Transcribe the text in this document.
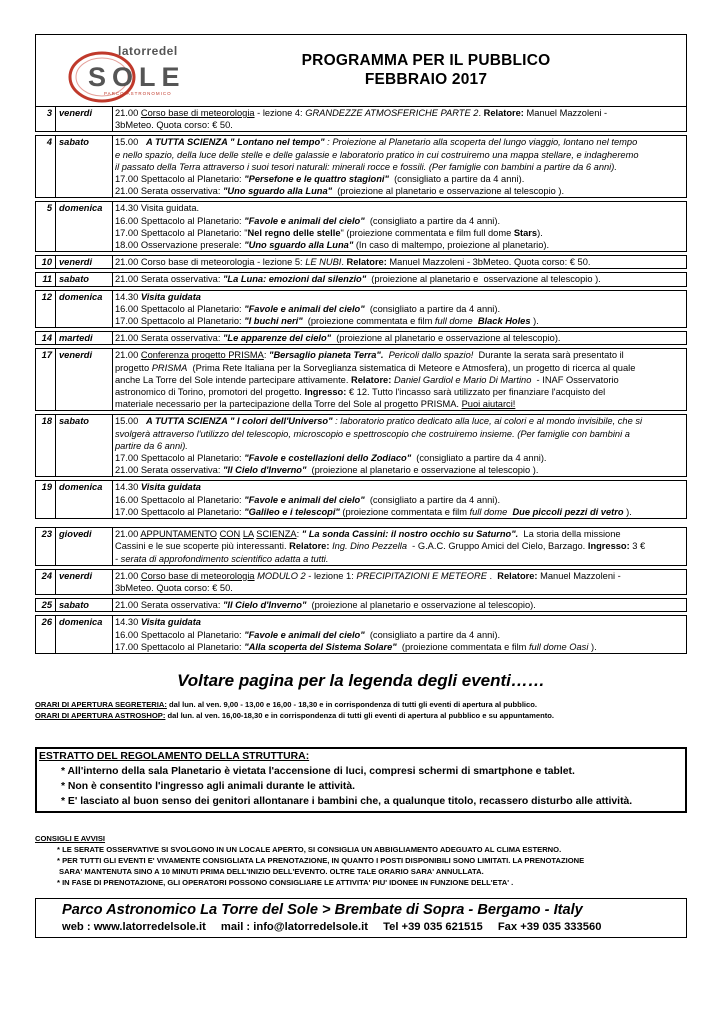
latorredel
SOLE
PARCO ASTRONOMICO
PROGRAMMA PER IL PUBBLICO
FEBBRAIO 2017
3	venerdi	21.00 Corso base di meteorologia - lezione 4: GRANDEZZE ATMOSFERICHE PARTE 2. Relatore: Manuel Mazzoleni -
3bMeteo. Quota corso: € 50.

4	sabato	15.00   A TUTTA SCIENZA " Lontano nel tempo" : Proiezione al Planetario alla scoperta del lungo viaggio, lontano nel tempo
e nello spazio, della luce delle stelle e delle galassie e laboratorio pratico in cui costruiremo una mappa stellare, e indagheremo
il passato della Terra attraverso i suoi tesori naturali: minerali rocce e fossili. (Per famiglie con bambini a partire da 6 anni).
17.00 Spettacolo al Planetario: "Persefone e le quattro stagioni"  (consigliato a partire da 4 anni).
21.00 Serata osservativa: "Uno sguardo alla Luna"  (proiezione al planetario e osservazione al telescopio ).

5	domenica	14.30 Visita guidata.
16.00 Spettacolo al Planetario: "Favole e animali del cielo"  (consigliato a partire da 4 anni).
17.00 Spettacolo al Planetario: "Nel regno delle stelle" (proiezione commentata e film full dome Stars).
18.00 Osservazione preserale: "Uno sguardo alla Luna" (In caso di maltempo, proiezione al planetario).

10	venerdi	21.00 Corso base di meteorologia - lezione 5: LE NUBI. Relatore: Manuel Mazzoleni - 3bMeteo. Quota corso: € 50.

11	sabato	21.00 Serata osservativa: "La Luna: emozioni dal silenzio"  (proiezione al planetario e  osservazione al telescopio ).

12	domenica	14.30 Visita guidata
16.00 Spettacolo al Planetario: "Favole e animali del cielo"  (consigliato a partire da 4 anni).
17.00 Spettacolo al Planetario: "I buchi neri"  (proiezione commentata e film full dome Black Holes ).

14	martedi	21.00 Serata osservativa: "Le apparenze del cielo"  (proiezione al planetario e osservazione al telescopio).

17	venerdi	21.00 Conferenza progetto PRISMA: "Bersaglio pianeta Terra". Pericoli dallo spazio!  Durante la serata sarà presentato il
progetto PRISMA  (Prima Rete Italiana per la Sorveglianza sistematica di Meteore e Atmosfera), un progetto di ricerca al quale
anche La Torre del Sole intende partecipare attivamente. Relatore: Daniel Gardiol e Mario Di Martino  - INAF Osservatorio
astronomico di Torino, promotori del progetto. Ingresso: € 12. Tutto l'incasso sarà utilizzato per finanziare l'acquisto del
materiale necessario per la partecipazione della Torre del Sole al progetto PRISMA. Puoi aiutarci!

18	sabato	15.00   A TUTTA SCIENZA " I colori dell'Universo" : laboratorio pratico dedicato alla luce, ai colori e al mondo invisibile, che si
svolgerà attraverso l'utilizzo del telescopio, microscopio e spettroscopio che costruiremo insieme. (Per famiglie con bambini a
partire da 6 anni).
17.00 Spettacolo al Planetario: "Favole e costellazioni dello Zodiaco"  (consigliato a partire da 4 anni).
21.00 Serata osservativa: "Il Cielo d'Inverno"  (proiezione al planetario e osservazione al telescopio ).

19	domenica	14.30 Visita guidata
16.00 Spettacolo al Planetario: "Favole e animali del cielo"  (consigliato a partire da 4 anni).
17.00 Spettacolo al Planetario: "Galileo e i telescopi" (proiezione commentata e film full dome Due piccoli pezzi di vetro ).

23	giovedi	21.00 APPUNTAMENTO CON LA SCIENZA: " La sonda Cassini: il nostro occhio su Saturno".  La storia della missione
Cassini e le sue scoperte più interessanti. Relatore: Ing. Dino Pezzella  - G.A.C. Gruppo Amici del Cielo, Barzago. Ingresso: 3 €
- serata di approfondimento scientifico adatta a tutti.

24	venerdi	21.00 Corso base di meteorologia MODULO 2 - lezione 1: PRECIPITAZIONI E METEORE .  Relatore: Manuel Mazzoleni -
3bMeteo. Quota corso: € 50.

25	sabato	21.00 Serata osservativa: "Il Cielo d'Inverno"  (proiezione al planetario e osservazione al telescopio).

26	domenica	14.30 Visita guidata
16.00 Spettacolo al Planetario: "Favole e animali del cielo"  (consigliato a partire da 4 anni).
17.00 Spettacolo al Planetario: "Alla scoperta del Sistema Solare"  (proiezione commentata e film full dome Oasi ).

Voltare pagina per la legenda degli eventi……
ORARI DI APERTURA SEGRETERIA: dal lun. al ven. 9,00 - 13,00 e 16,00 - 18,30 e in corrispondenza di tutti gli eventi di apertura al pubblico.
ORARI DI APERTURA ASTROSHOP: dal lun. al ven. 16,00-18,30 e in corrispondenza di tutti gli eventi di apertura al pubblico e su appuntamento.
ESTRATTO DEL REGOLAMENTO DELLA STRUTTURA:
* All'interno della sala Planetario è vietata l'accensione di luci, compresi schermi di smartphone e tablet.
* Non è consentito l'ingresso agli animali durante le attività.
* E' lasciato al buon senso dei genitori allontanare i bambini che, a qualunque titolo, recassero disturbo alle attività.
CONSIGLI E AVVISI
* LE SERATE OSSERVATIVE SI SVOLGONO IN UN LOCALE APERTO, SI CONSIGLIA UN ABBIGLIAMENTO ADEGUATO AL CLIMA ESTERNO.
* PER TUTTI GLI EVENTI E' VIVAMENTE CONSIGLIATA LA PRENOTAZIONE, IN QUANTO I POSTI DISPONIBILI SONO LIMITATI. LA PRENOTAZIONE
SARA' MANTENUTA SINO A 10 MINUTI PRIMA DELL'INIZIO DELL'EVENTO. OLTRE TALE ORARIO SARA' ANNULLATA.
* IN FASE DI PRENOTAZIONE, GLI OPERATORI POSSONO CONSIGLIARE LE ATTIVITA' PIU' IDONEE IN FUNZIONE DELL'ETA' .
Parco Astronomico La Torre del Sole > Brembate di Sopra - Bergamo - Italy
web : www.latorredelsole.it mail : info@latorredelsole.it Tel +39 035 621515 Fax +39 035 333560
